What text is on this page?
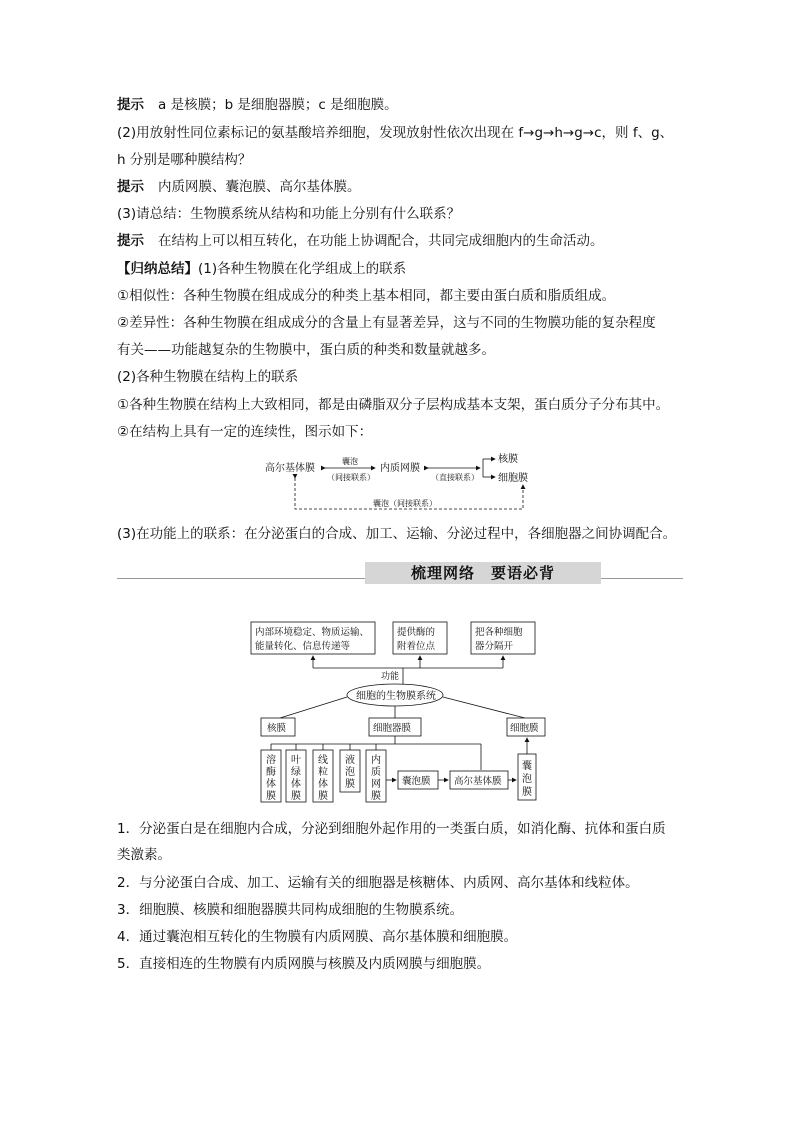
提示 a 是核膜；b 是细胞器膜；c 是细胞膜。
(2)用放射性同位素标记的氨基酸培养细胞，发现放射性依次出现在 f→g→h→g→c，则 f、g、
h 分别是哪种膜结构？
提示 内质网膜、囊泡膜、高尔基体膜。
(3)请总结：生物膜系统从结构和功能上分别有什么联系？
提示 在结构上可以相互转化，在功能上协调配合，共同完成细胞内的生命活动。
【归纳总结】(1)各种生物膜在化学组成上的联系
①相似性：各种生物膜在组成成分的种类上基本相同，都主要由蛋白质和脂质组成。
②差异性：各种生物膜在组成成分的含量上有显著差异，这与不同的生物膜功能的复杂程度
有关——功能越复杂的生物膜中，蛋白质的种类和数量就越多。
(2)各种生物膜在结构上的联系
①各种生物膜在结构上大致相同，都是由磷脂双分子层构成基本支架，蛋白质分子分布其中。
②在结构上具有一定的连续性，图示如下：
高尔基体膜
囊泡
（间接联系）
内质网膜
（直接联系）
核膜
细胞膜
囊泡（间接联系）
(3)在功能上的联系：在分泌蛋白的合成、加工、运输、分泌过程中，各细胞器之间协调配合。
梳理网络　要语必背
内部环境稳定、物质运输、
能量转化、信息传递等
提供酶的
附着位点
把各种细胞
器分隔开
功能
细胞的生物膜系统
核膜	细胞器膜	细胞膜
溶
酶
体
膜
叶
绿
体
膜
线
粒
体
膜
液
泡
膜
内
质
网
膜
囊泡膜 高尔基体膜
囊
泡
膜
1．分泌蛋白是在细胞内合成，分泌到细胞外起作用的一类蛋白质，如消化酶、抗体和蛋白质
类激素。
2．与分泌蛋白合成、加工、运输有关的细胞器是核糖体、内质网、高尔基体和线粒体。
3．细胞膜、核膜和细胞器膜共同构成细胞的生物膜系统。
4．通过囊泡相互转化的生物膜有内质网膜、高尔基体膜和细胞膜。
5．直接相连的生物膜有内质网膜与核膜及内质网膜与细胞膜。
